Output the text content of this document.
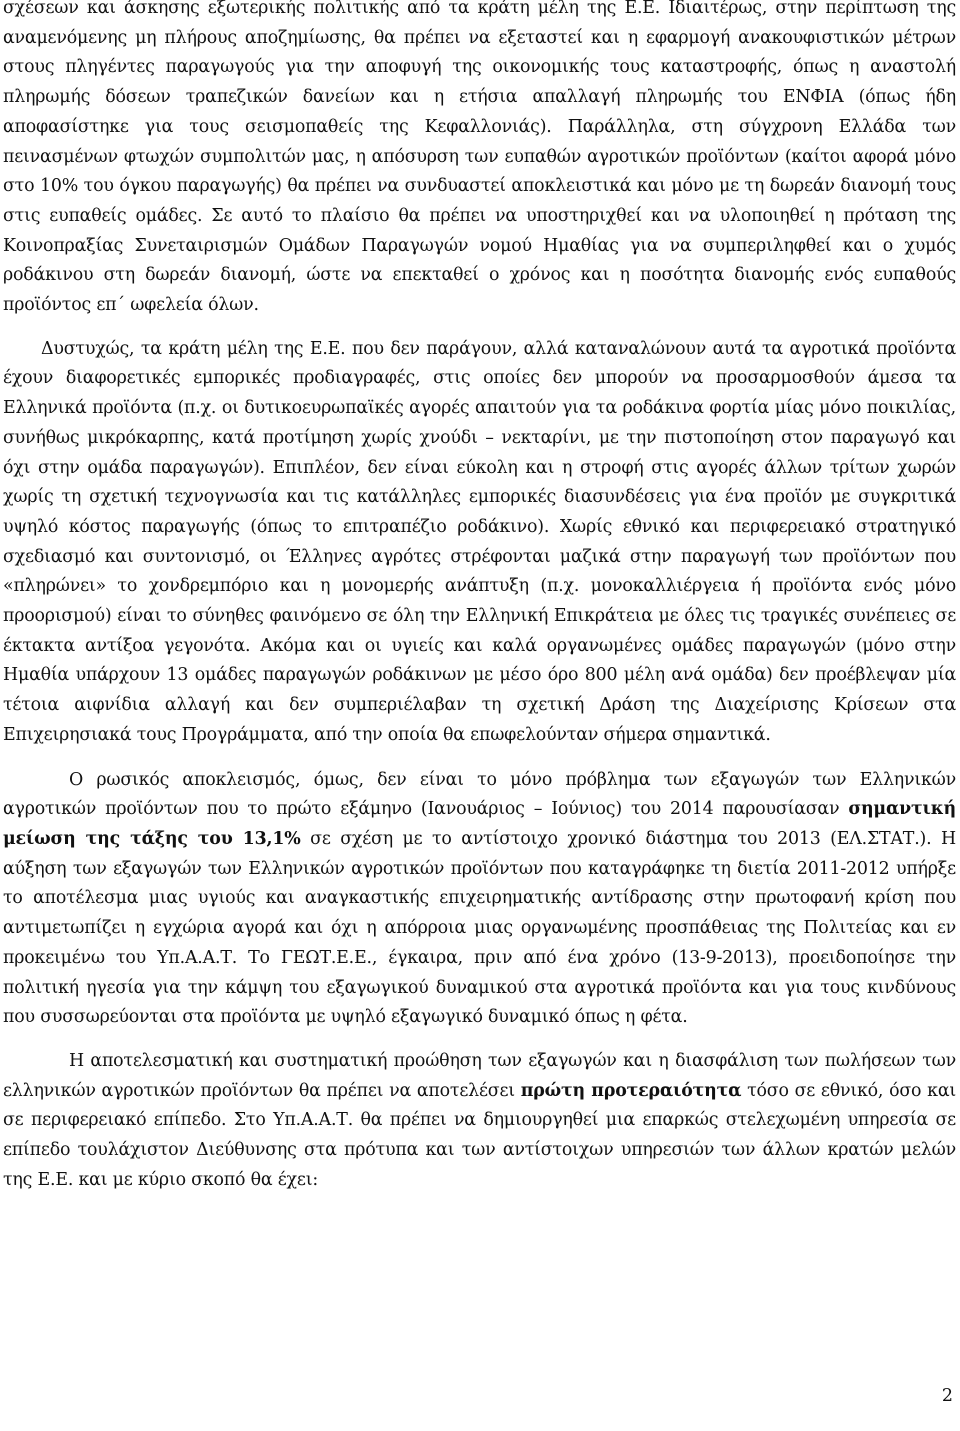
σχέσεων και άσκησης εξωτερικής πολιτικής από τα κράτη μέλη της Ε.Ε. Ιδιαιτέρως, στην περίπτωση της αναμενόμενης μη πλήρους αποζημίωσης, θα πρέπει να εξεταστεί και η εφαρμογή ανακουφιστικών μέτρων στους πληγέντες παραγωγούς για την αποφυγή της οικονομικής τους καταστροφής, όπως η αναστολή πληρωμής δόσεων τραπεζικών δανείων και η ετήσια απαλλαγή πληρωμής του ΕΝΦΙΑ (όπως ήδη αποφασίστηκε για τους σεισμοπαθείς της Κεφαλλονιάς). Παράλληλα, στη σύγχρονη Ελλάδα των πεινασμένων φτωχών συμπολιτών μας, η απόσυρση των ευπαθών αγροτικών προϊόντων (καίτοι αφορά μόνο στο 10% του όγκου παραγωγής) θα πρέπει να συνδυαστεί αποκλειστικά και μόνο με τη δωρεάν διανομή τους στις ευπαθείς ομάδες. Σε αυτό το πλαίσιο θα πρέπει να υποστηριχθεί και να υλοποιηθεί η πρόταση της Κοινοπραξίας Συνεταιρισμών Ομάδων Παραγωγών νομού Ημαθίας για να συμπεριληφθεί και ο χυμός ροδάκινου στη δωρεάν διανομή, ώστε να επεκταθεί ο χρόνος και η ποσότητα διανομής ενός ευπαθούς προϊόντος επ΄ ωφελεία όλων.

Δυστυχώς, τα κράτη μέλη της Ε.Ε. που δεν παράγουν, αλλά καταναλώνουν αυτά τα αγροτικά προϊόντα έχουν διαφορετικές εμπορικές προδιαγραφές, στις οποίες δεν μπορούν να προσαρμοσθούν άμεσα τα Ελληνικά προϊόντα (π.χ. οι δυτικοευρωπαϊκές αγορές απαιτούν για τα ροδάκινα φορτία μίας μόνο ποικιλίας, συνήθως μικρόκαρπης, κατά προτίμηση χωρίς χνούδι – νεκταρίνι, με την πιστοποίηση στον παραγωγό και όχι στην ομάδα παραγωγών). Επιπλέον, δεν είναι εύκολη και η στροφή στις αγορές άλλων τρίτων χωρών χωρίς τη σχετική τεχνογνωσία και τις κατάλληλες εμπορικές διασυνδέσεις για ένα προϊόν με συγκριτικά υψηλό κόστος παραγωγής (όπως το επιτραπέζιο ροδάκινο). Χωρίς εθνικό και περιφερειακό στρατηγικό σχεδιασμό και συντονισμό, οι Έλληνες αγρότες στρέφονται μαζικά στην παραγωγή των προϊόντων που «πληρώνει» το χονδρεμπόριο και η μονομερής ανάπτυξη (π.χ. μονοκαλλιέργεια ή προϊόντα ενός μόνο προορισμού) είναι το σύνηθες φαινόμενο σε όλη την Ελληνική Επικράτεια με όλες τις τραγικές συνέπειες σε έκτακτα αντίξοα γεγονότα. Ακόμα και οι υγιείς και καλά οργανωμένες ομάδες παραγωγών (μόνο στην Ημαθία υπάρχουν 13 ομάδες παραγωγών ροδάκινων με μέσο όρο 800 μέλη ανά ομάδα) δεν προέβλεψαν μία τέτοια αιφνίδια αλλαγή και δεν συμπεριέλαβαν τη σχετική Δράση της Διαχείρισης Κρίσεων στα Επιχειρησιακά τους Προγράμματα, από την οποία θα επωφελούνταν σήμερα σημαντικά.

Ο ρωσικός αποκλεισμός, όμως, δεν είναι το μόνο πρόβλημα των εξαγωγών των Ελληνικών αγροτικών προϊόντων που το πρώτο εξάμηνο (Ιανουάριος – Ιούνιος) του 2014 παρουσίασαν σημαντική μείωση της τάξης του 13,1% σε σχέση με το αντίστοιχο χρονικό διάστημα του 2013 (ΕΛ.ΣΤΑΤ.). Η αύξηση των εξαγωγών των Ελληνικών αγροτικών προϊόντων που καταγράφηκε τη διετία 2011-2012 υπήρξε το αποτέλεσμα μιας υγιούς και αναγκαστικής επιχειρηματικής αντίδρασης στην πρωτοφανή κρίση που αντιμετωπίζει η εγχώρια αγορά και όχι η απόρροια μιας οργανωμένης προσπάθειας της Πολιτείας και εν προκειμένω του Υπ.Α.Α.Τ. Το ΓΕΩΤ.Ε.Ε., έγκαιρα, πριν από ένα χρόνο (13-9-2013), προειδοποίησε την πολιτική ηγεσία για την κάμψη του εξαγωγικού δυναμικού στα αγροτικά προϊόντα και για τους κινδύνους που συσσωρεύονται στα προϊόντα με υψηλό εξαγωγικό δυναμικό όπως η φέτα.

Η αποτελεσματική και συστηματική προώθηση των εξαγωγών και η διασφάλιση των πωλήσεων των ελληνικών αγροτικών προϊόντων θα πρέπει να αποτελέσει πρώτη προτεραιότητα τόσο σε εθνικό, όσο και σε περιφερειακό επίπεδο. Στο Υπ.Α.Α.Τ. θα πρέπει να δημιουργηθεί μια επαρκώς στελεχωμένη υπηρεσία σε επίπεδο τουλάχιστον Διεύθυνσης στα πρότυπα και των αντίστοιχων υπηρεσιών των άλλων κρατών μελών της Ε.Ε. και με κύριο σκοπό θα έχει:

2
